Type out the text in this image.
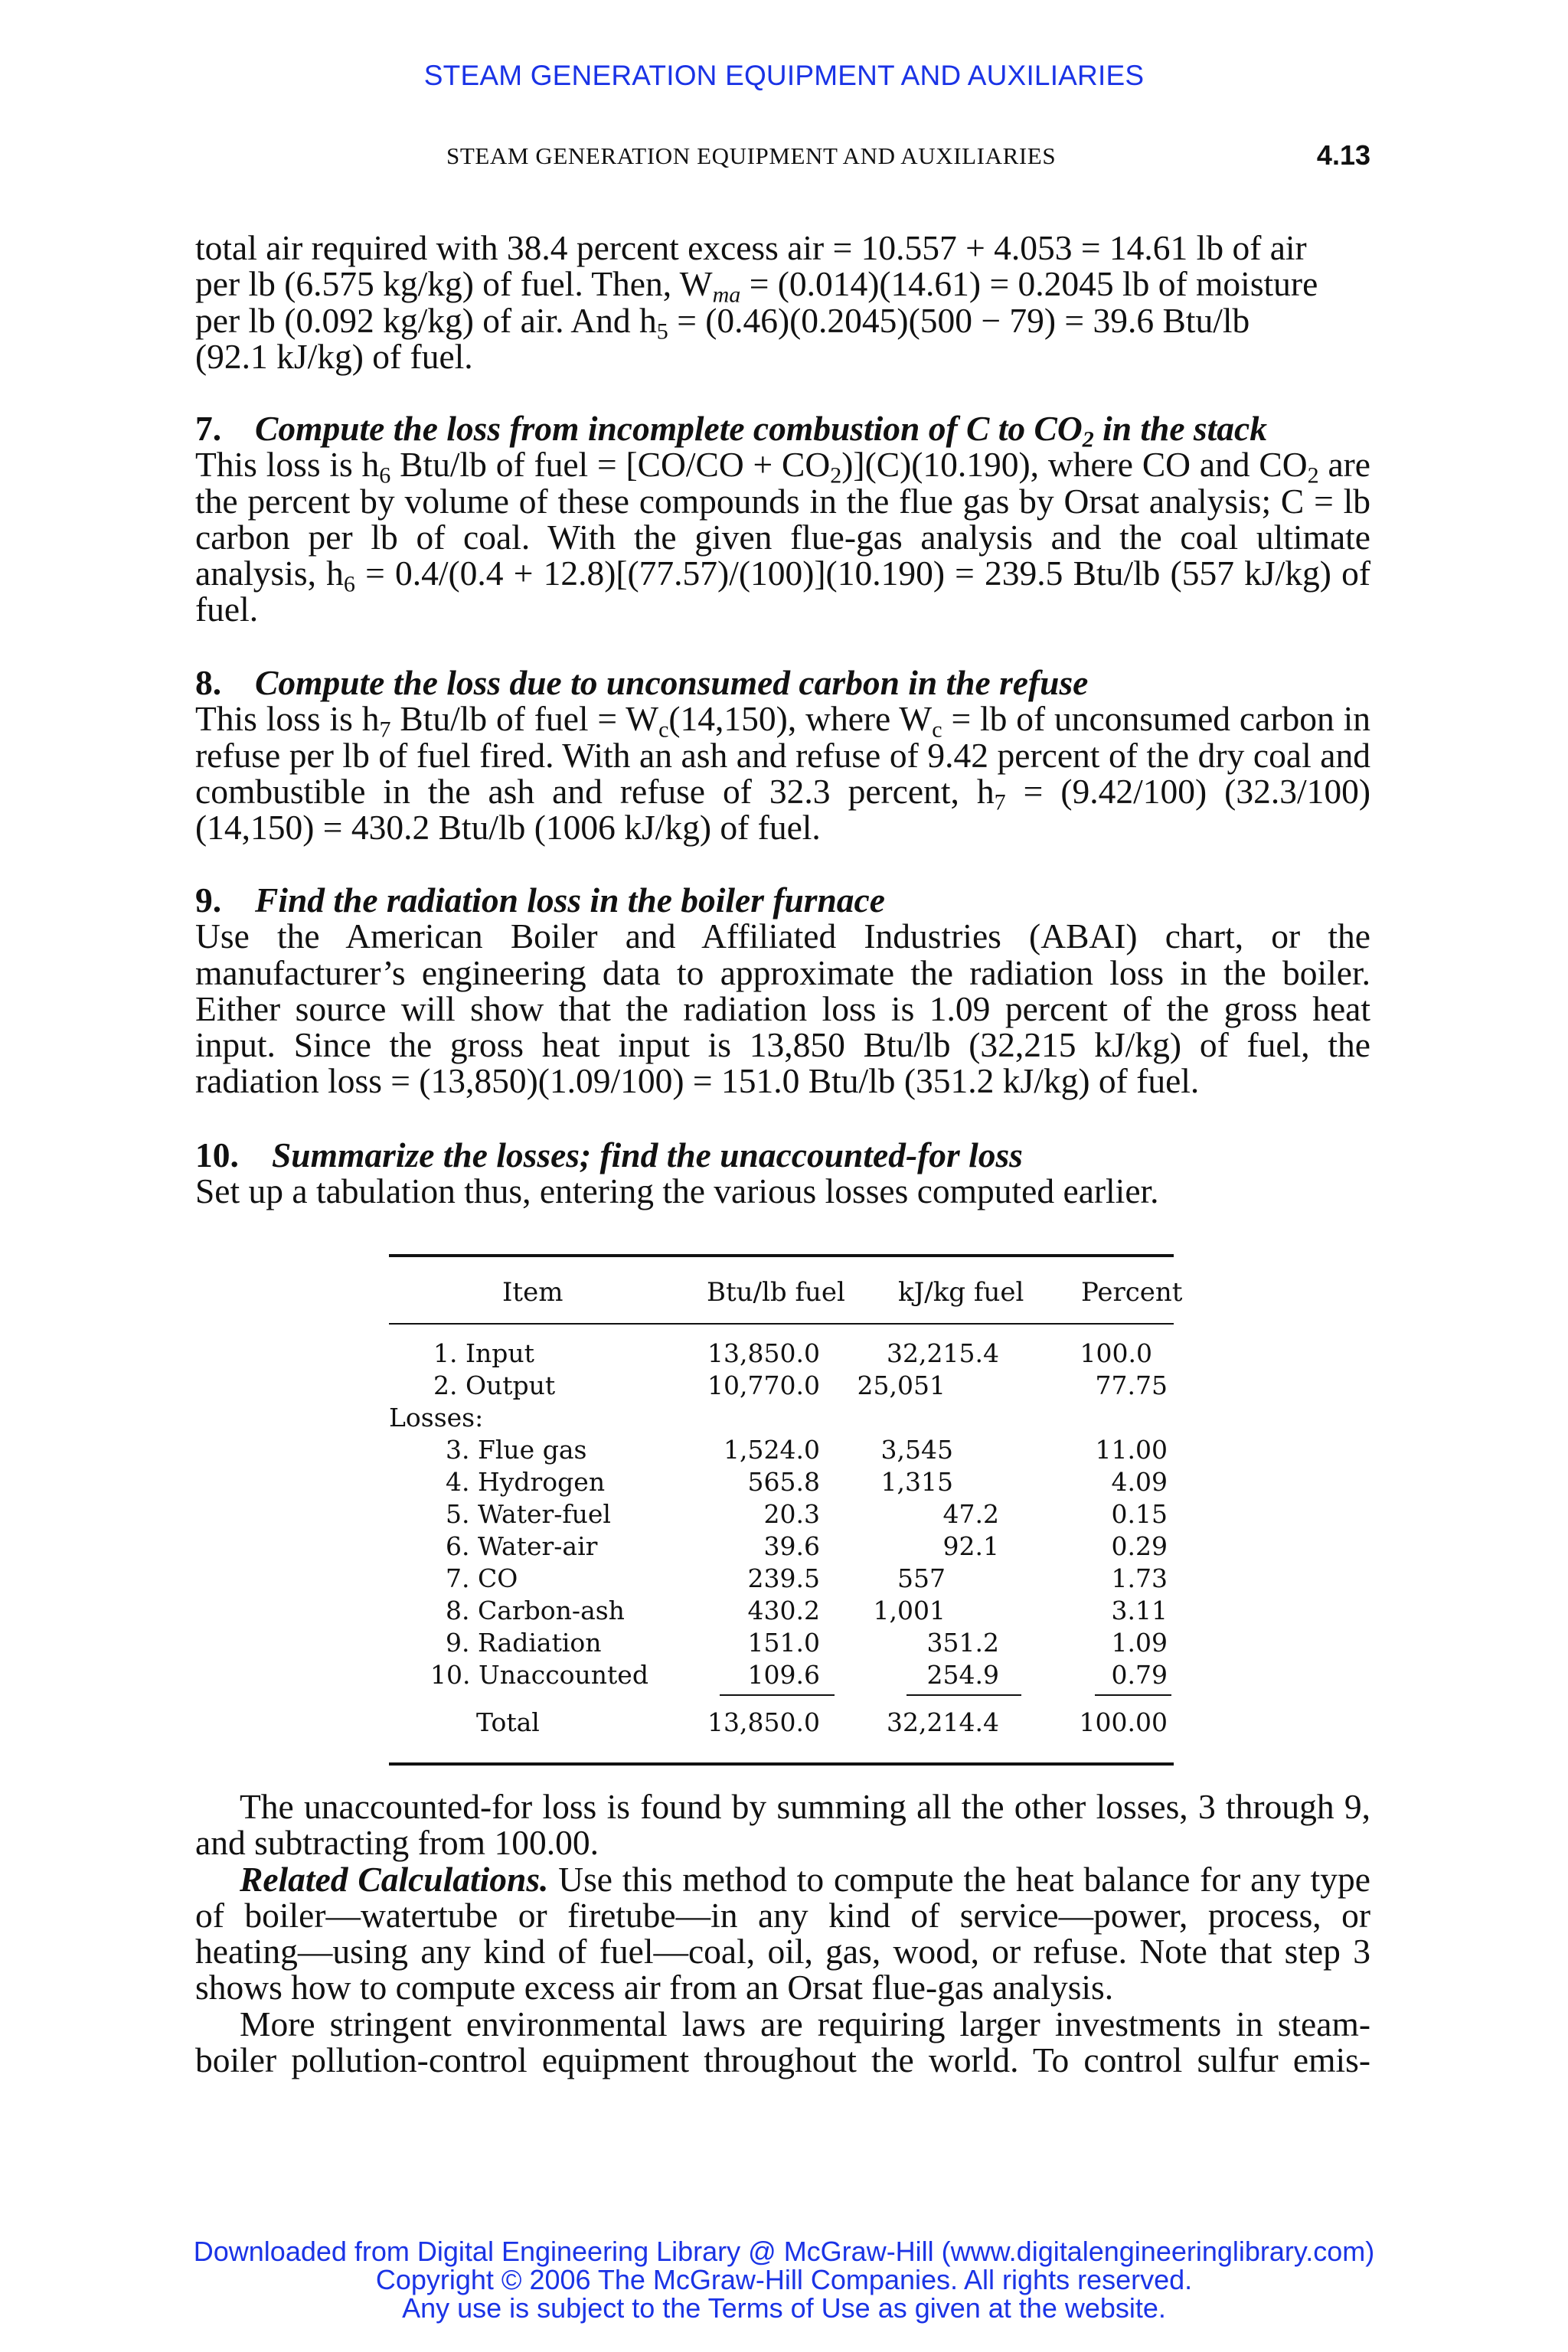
STEAM GENERATION EQUIPMENT AND AUXILIARIES
STEAM GENERATION EQUIPMENT AND AUXILIARIES	4.13
total air required with 38.4 percent excess air = 10.557 + 4.053 = 14.61 lb of air
per lb (6.575 kg/kg) of fuel. Then, $W_{ma} = (0.014)(14.61) = 0.2045$ lb of moisture
per lb (0.092 kg/kg) of air. And $h_5 = (0.46)(0.2045)(500 - 79) = 39.6$ Btu/lb
(92.1 kJ/kg) of fuel.
7. Compute the loss from incomplete combustion of C to $CO_2$ in the stack

This loss is $h_6$ Btu/lb of fuel = $[CO/CO + CO_2)](C)(10.190)$, where CO and $CO_2$ are the percent by volume of these compounds in the flue gas by Orsat analysis; C = lb carbon per lb of coal. With the given flue-gas analysis and the coal ultimate analysis, $h_6 = 0.4/(0.4 + 12.8)[(77.57)/(100)](10.190) = 239.5$ Btu/lb (557 kJ/kg) of fuel.

8. Compute the loss due to unconsumed carbon in the refuse

This loss is $h_7$ Btu/lb of fuel = $W_c(14,150)$, where $W_c$ = lb of unconsumed carbon in refuse per lb of fuel fired. With an ash and refuse of 9.42 percent of the dry coal and combustible in the ash and refuse of 32.3 percent, $h_7 = (9.42/100) (32.3/100)(14,150) = 430.2$ Btu/lb (1006 kJ/kg) of fuel.

9. Find the radiation loss in the boiler furnace

Use the American Boiler and Affiliated Industries (ABAI) chart, or the manufacturer’s engineering data to approximate the radiation loss in the boiler. Either source will show that the radiation loss is 1.09 percent of the gross heat input. Since the gross heat input is 13,850 Btu/lb (32,215 kJ/kg) of fuel, the radiation loss = (13,850)(1.09/100) = 151.0 Btu/lb (351.2 kJ/kg) of fuel.

10. Summarize the losses; find the unaccounted-for loss

Set up a tabulation thus, entering the various losses computed earlier.

Item	Btu/lb fuel kJ/kg fuel Percent
1. Input	13,850.0	32,215.4	100.0
2. Output	10,770.0 25,051	77.75
Losses:
3. Flue gas	1,524.0 3,545	11.00
4. Hydrogen	565.8 1,315	4.09
5. Water-fuel	20.3	47.2	0.15
6. Water-air	39.6	92.1	0.29
7. CO	239.5	557	1.73
8. Carbon-ash	430.2 1,001	3.11
9. Radiation	151.0	351.2	1.09
10. Unaccounted	109.6	254.9	0.79
Total	13,850.0	32,214.4	100.00

The unaccounted-for loss is found by summing all the other losses, 3 through 9, and subtracting from 100.00.

Related Calculations. Use this method to compute the heat balance for any type of boiler—watertube or firetube—in any kind of service—power, process, or heating—using any kind of fuel—coal, oil, gas, wood, or refuse. Note that step 3 shows how to compute excess air from an Orsat flue-gas analysis.

More stringent environmental laws are requiring larger investments in steam-boiler pollution-control equipment throughout the world. To control sulfur emis-

Downloaded from Digital Engineering Library @ McGraw-Hill (www.digitalengineeringlibrary.com)
Copyright © 2006 The McGraw-Hill Companies. All rights reserved.
Any use is subject to the Terms of Use as given at the website.
